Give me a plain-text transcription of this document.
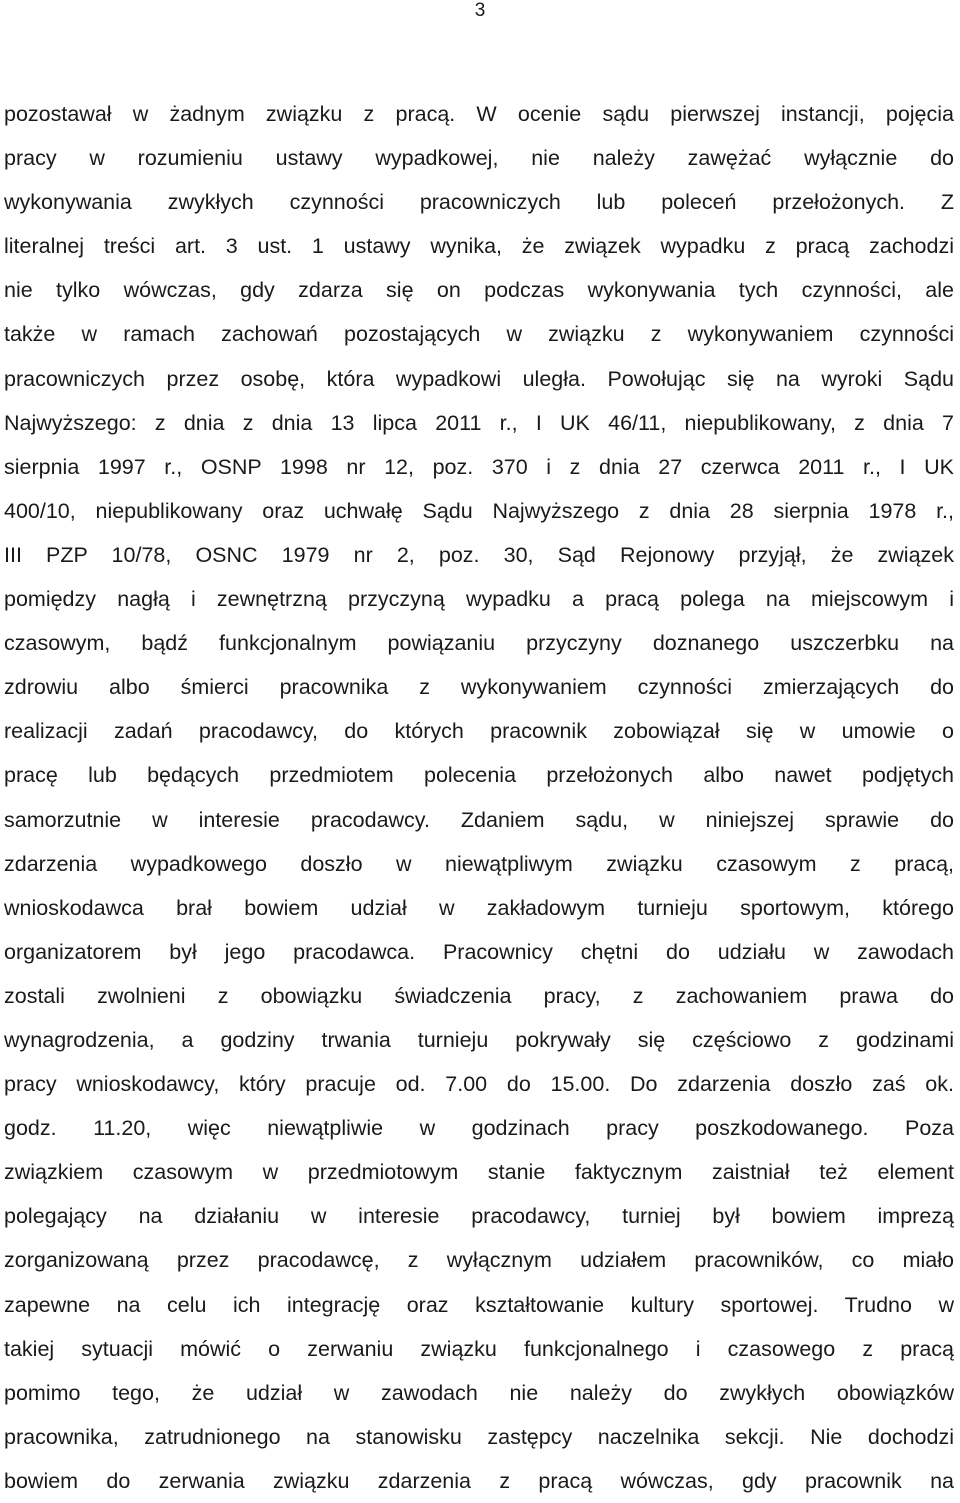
3
pozostawał w żadnym związku z pracą. W ocenie sądu pierwszej instancji, pojęcia
pracy w rozumieniu ustawy wypadkowej, nie należy zawężać wyłącznie do
wykonywania zwykłych czynności pracowniczych lub poleceń przełożonych. Z
literalnej treści art. 3 ust. 1 ustawy wynika, że związek wypadku z pracą zachodzi
nie tylko wówczas, gdy zdarza się on podczas wykonywania tych czynności, ale
także w ramach zachowań pozostających w związku z wykonywaniem czynności
pracowniczych przez osobę, która wypadkowi uległa. Powołując się na wyroki Sądu
Najwyższego: z dnia z dnia 13 lipca 2011 r., I UK 46/11, niepublikowany, z dnia 7
sierpnia 1997 r., OSNP 1998 nr 12, poz. 370 i z dnia 27 czerwca 2011 r., I UK
400/10, niepublikowany oraz uchwałę Sądu Najwyższego z dnia 28 sierpnia 1978 r.,
III PZP 10/78, OSNC 1979 nr 2, poz. 30, Sąd Rejonowy przyjął, że związek
pomiędzy nagłą i zewnętrzną przyczyną wypadku a pracą polega na miejscowym i
czasowym, bądź funkcjonalnym powiązaniu przyczyny doznanego uszczerbku na
zdrowiu albo śmierci pracownika z wykonywaniem czynności zmierzających do
realizacji zadań pracodawcy, do których pracownik zobowiązał się w umowie o
pracę lub będących przedmiotem polecenia przełożonych albo nawet podjętych
samorzutnie w interesie pracodawcy. Zdaniem sądu, w niniejszej sprawie do
zdarzenia wypadkowego doszło w niewątpliwym związku czasowym z pracą,
wnioskodawca brał bowiem udział w zakładowym turnieju sportowym, którego
organizatorem był jego pracodawca. Pracownicy chętni do udziału w zawodach
zostali zwolnieni z obowiązku świadczenia pracy, z zachowaniem prawa do
wynagrodzenia, a godziny trwania turnieju pokrywały się częściowo z godzinami
pracy wnioskodawcy, który pracuje od. 7.00 do 15.00. Do zdarzenia doszło zaś ok.
godz. 11.20, więc niewątpliwie w godzinach pracy poszkodowanego. Poza
związkiem czasowym w przedmiotowym stanie faktycznym zaistniał też element
polegający na działaniu w interesie pracodawcy, turniej był bowiem imprezą
zorganizowaną przez pracodawcę, z wyłącznym udziałem pracowników, co miało
zapewne na celu ich integrację oraz kształtowanie kultury sportowej. Trudno w
takiej sytuacji mówić o zerwaniu związku funkcjonalnego i czasowego z pracą
pomimo tego, że udział w zawodach nie należy do zwykłych obowiązków
pracownika, zatrudnionego na stanowisku zastępcy naczelnika sekcji. Nie dochodzi
bowiem do zerwania związku zdarzenia z pracą wówczas, gdy pracownik na
